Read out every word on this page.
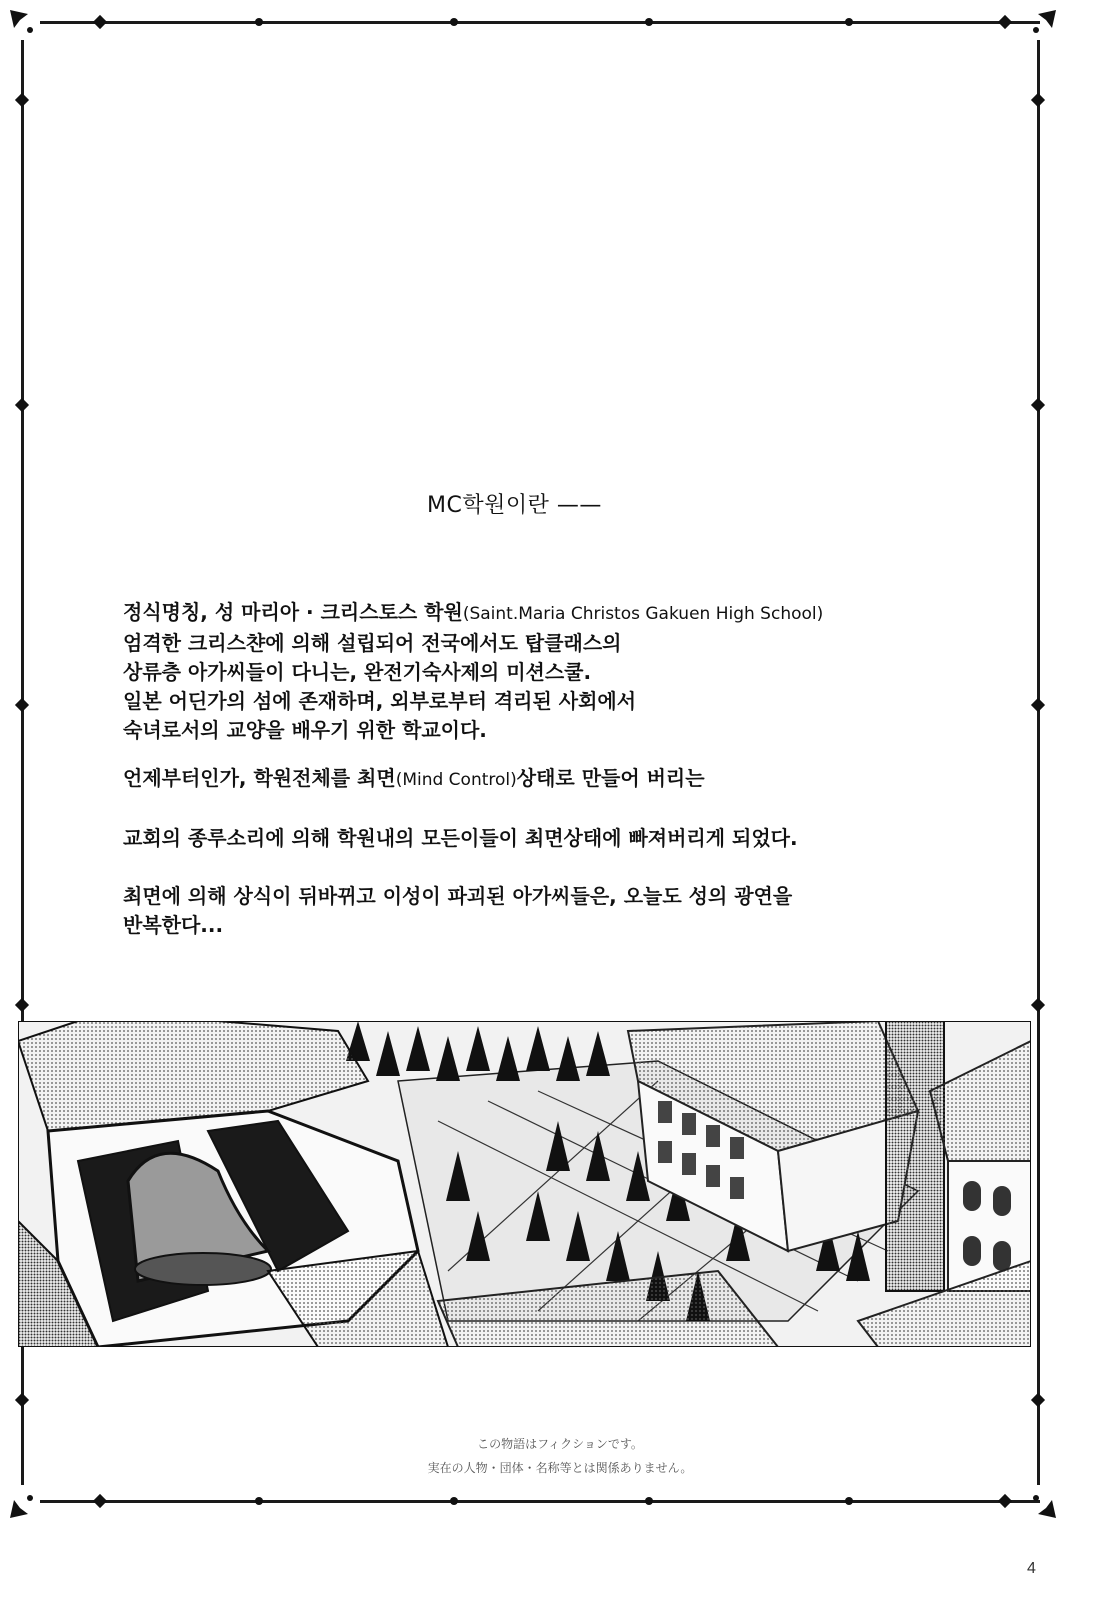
MC학원이란 ——

정식명칭, 성 마리아 · 크리스토스 학원(Saint.Maria Christos Gakuen High School)

엄격한 크리스챤에 의해 설립되어 전국에서도 탑클래스의

상류층 아가씨들이 다니는, 완전기숙사제의 미션스쿨.

일본 어딘가의 섬에 존재하며, 외부로부터 격리된 사회에서

숙녀로서의 교양을 배우기 위한 학교이다.

언제부터인가, 학원전체를 최면(Mind Control)상태로 만들어 버리는

교회의 종루소리에 의해 학원내의 모든이들이 최면상태에 빠져버리게 되었다.

최면에 의해 상식이 뒤바뀌고 이성이 파괴된 아가씨들은, 오늘도 성의 광연을

반복한다...

この物語はフィクションです。
実在の人物・団体・名称等とは関係ありません。
4
